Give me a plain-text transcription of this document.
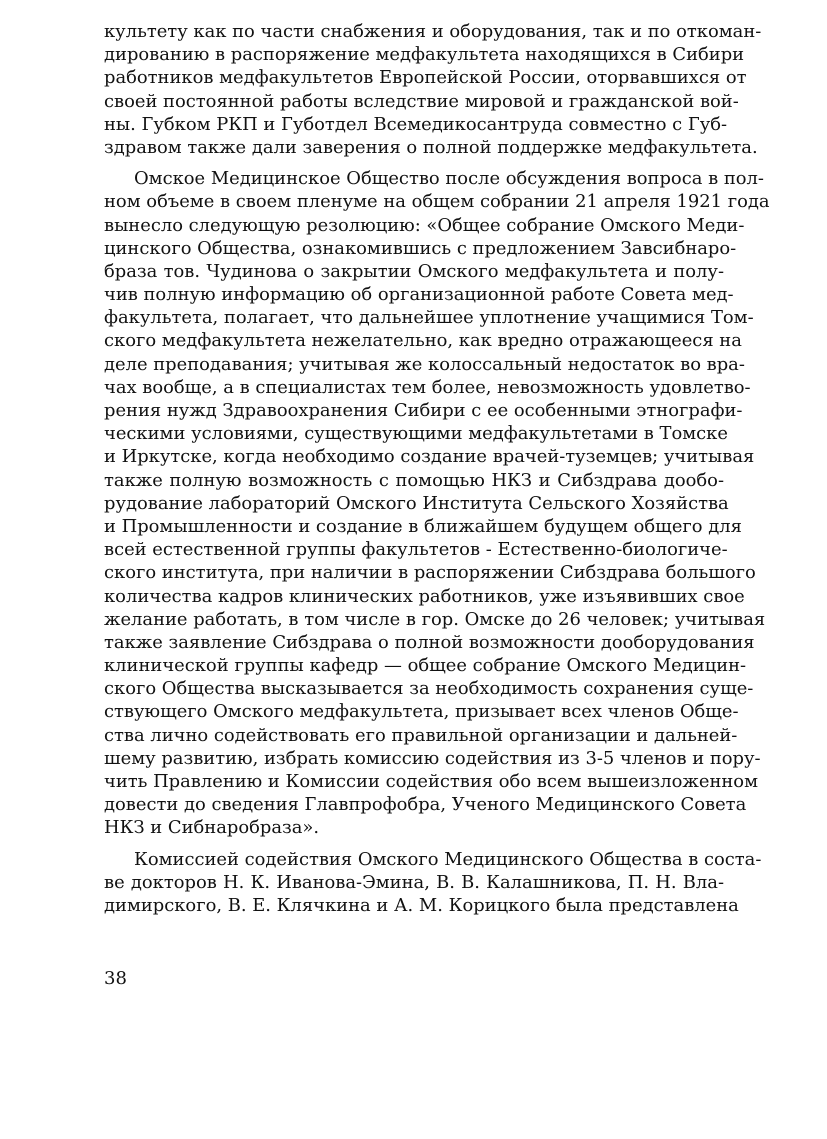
культету как по части снабжения и оборудования, так и по откоман-
дированию в распоряжение медфакультета находящихся в Сибири
работников медфакультетов Европейской России, оторвавшихся от
своей постоянной работы вследствие мировой и гражданской вой-
ны. Губком РКП и Губотдел Всемедикосантруда совместно с Губ-
здравом также дали заверения о полной поддержке медфакультета.
Омское Медицинское Общество после обсуждения вопроса в пол-
ном объеме в своем пленуме на общем собрании 21 апреля 1921 года
вынесло следующую резолюцию: «Общее собрание Омского Меди-
цинского Общества, ознакомившись с предложением Завсибнаро-
браза тов. Чудинова о закрытии Омского медфакультета и полу-
чив полную информацию об организационной работе Совета мед-
факультета, полагает, что дальнейшее уплотнение учащимися Том-
ского медфакультета нежелательно, как вредно отражающееся на
деле преподавания; учитывая же колоссальный недостаток во вра-
чах вообще, а в специалистах тем более, невозможность удовлетво-
рения нужд Здравоохранения Сибири с ее особенными этнографи-
ческими условиями, существующими медфакультетами в Томске
и Иркутске, когда необходимо создание врачей-туземцев; учитывая
также полную возможность с помощью НКЗ и Сибздрава дообо-
рудование лабораторий Омского Института Сельского Хозяйства
и Промышленности и создание в ближайшем будущем общего для
всей естественной группы факультетов - Естественно-биологиче-
ского института, при наличии в распоряжении Сибздрава большого
количества кадров клинических работников, уже изъявивших свое
желание работать, в том числе в гор. Омске до 26 человек; учитывая
также заявление Сибздрава о полной возможности дооборудования
клинической группы кафедр — общее собрание Омского Медицин-
ского Общества высказывается за необходимость сохранения суще-
ствующего Омского медфакультета, призывает всех членов Обще-
ства лично содействовать его правильной организации и дальней-
шему развитию, избрать комиссию содействия из 3-5 членов и пору-
чить Правлению и Комиссии содействия обо всем вышеизложенном
довести до сведения Главпрофобра, Ученого Медицинского Совета
НКЗ и Сибнаробраза».
Комиссией содействия Омского Медицинского Общества в соста-
ве докторов Н. К. Иванова-Эмина, В. В. Калашникова, П. Н. Вла-
димирского, В. Е. Клячкина и А. М. Корицкого была представлена
38
